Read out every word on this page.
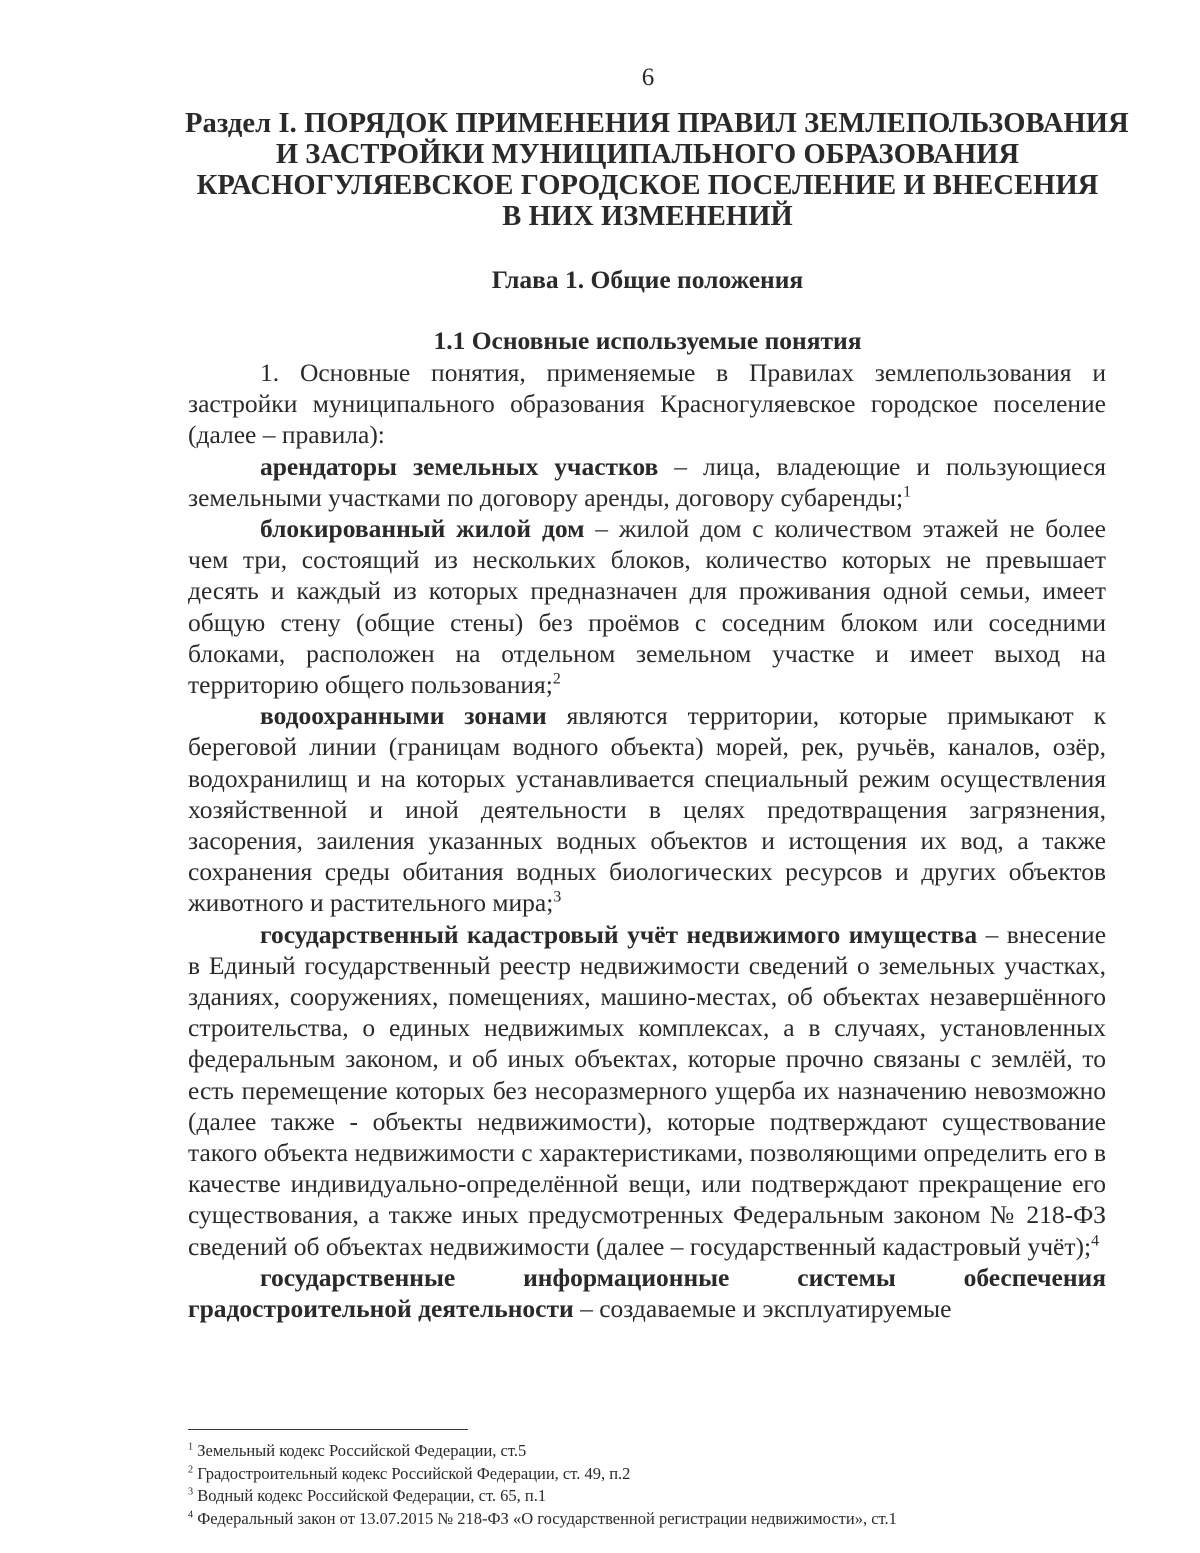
6
Раздел I. ПОРЯДОК ПРИМЕНЕНИЯ ПРАВИЛ ЗЕМЛЕПОЛЬЗОВАНИЯ
И ЗАСТРОЙКИ МУНИЦИПАЛЬНОГО ОБРАЗОВАНИЯ
КРАСНОГУЛЯЕВСКОЕ ГОРОДСКОЕ ПОСЕЛЕНИЕ И ВНЕСЕНИЯ
В НИХ ИЗМЕНЕНИЙ
Глава 1. Общие положения
1.1 Основные используемые понятия

1. Основные понятия, применяемые в Правилах землепользования и застройки муниципального образования Красногуляевское городское поселение (далее – правила):

арендаторы земельных участков – лица, владеющие и пользующиеся земельными участками по договору аренды, договору субаренды;$^1$

блокированный жилой дом – жилой дом с количеством этажей не более чем три, состоящий из нескольких блоков, количество которых не превышает десять и каждый из которых предназначен для проживания одной семьи, имеет общую стену (общие стены) без проёмов с соседним блоком или соседними блоками, расположен на отдельном земельном участке и имеет выход на территорию общего пользования;$^2$

водоохранными зонами являются территории, которые примыкают к береговой линии (границам водного объекта) морей, рек, ручьёв, каналов, озёр, водохранилищ и на которых устанавливается специальный режим осуществления хозяйственной и иной деятельности в целях предотвращения загрязнения, засорения, заиления указанных водных объектов и истощения их вод, а также сохранения среды обитания водных биологических ресурсов и других объектов животного и растительного мира;$^3$

государственный кадастровый учёт недвижимого имущества – внесение в Единый государственный реестр недвижимости сведений о земельных участках, зданиях, сооружениях, помещениях, машино-местах, об объектах незавершённого строительства, о единых недвижимых комплексах, а в случаях, установленных федеральным законом, и об иных объектах, которые прочно связаны с землёй, то есть перемещение которых без несоразмерного ущерба их назначению невозможно (далее также - объекты недвижимости), которые подтверждают существование такого объекта недвижимости с характеристиками, позволяющими определить его в качестве индивидуально-определённой вещи, или подтверждают прекращение его существования, а также иных предусмотренных Федеральным законом № 218-ФЗ сведений об объектах недвижимости (далее – государственный кадастровый учёт);$^4$

государственные информационные системы обеспечения градостроительной деятельности – создаваемые и эксплуатируемые

$^1$ Земельный кодекс Российской Федерации, ст.5
$^2$ Градостроительный кодекс Российской Федерации, ст. 49, п.2
$^3$ Водный кодекс Российской Федерации, ст. 65, п.1
$^4$ Федеральный закон от 13.07.2015 № 218-ФЗ «О государственной регистрации недвижимости», ст.1
